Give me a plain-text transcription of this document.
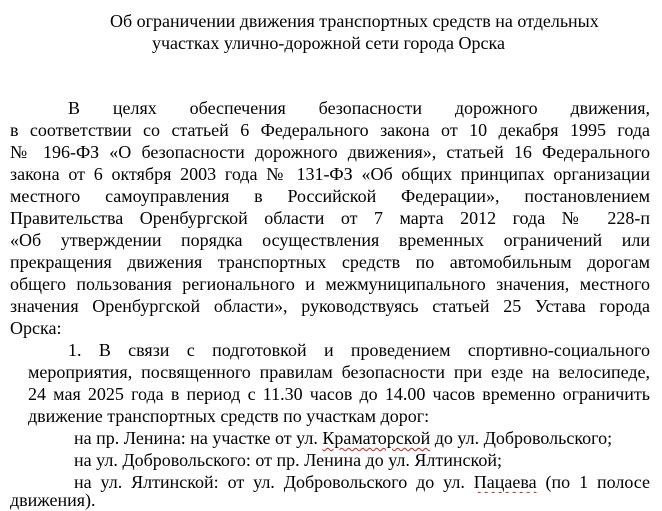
Об ограничении движения транспортных средств на отдельных
участках улично-дорожной сети города Орска
В целях обеспечения безопасности дорожного движения,
в соответствии со статьей 6 Федерального закона от 10 декабря 1995 года
№ 196-ФЗ «О безопасности дорожного движения», статьей 16 Федерального
закона от 6 октября 2003 года № 131-ФЗ «Об общих принципах организации
местного самоуправления в Российской Федерации», постановлением
Правительства Оренбургской области от 7 марта 2012 года № 228-п
«Об утверждении порядка осуществления временных ограничений или
прекращения движения транспортных средств по автомобильным дорогам
общего пользования регионального и межмуниципального значения, местного
значения Оренбургской области», руководствуясь статьей 25 Устава города
Орска:
1. В связи с подготовкой и проведением спортивно-социального
мероприятия, посвященного правилам безопасности при езде на велосипеде,
24 мая 2025 года в период с 11.30 часов до 14.00 часов временно ограничить
движение транспортных средств по участкам дорог:
на пр. Ленина: на участке от ул. Краматорской до ул. Добровольского;
на ул. Добровольского: от пр. Ленина до ул. Ялтинской;
на ул. Ялтинской: от ул. Добровольского до ул. Пацаева (по 1 полосе
движения).
